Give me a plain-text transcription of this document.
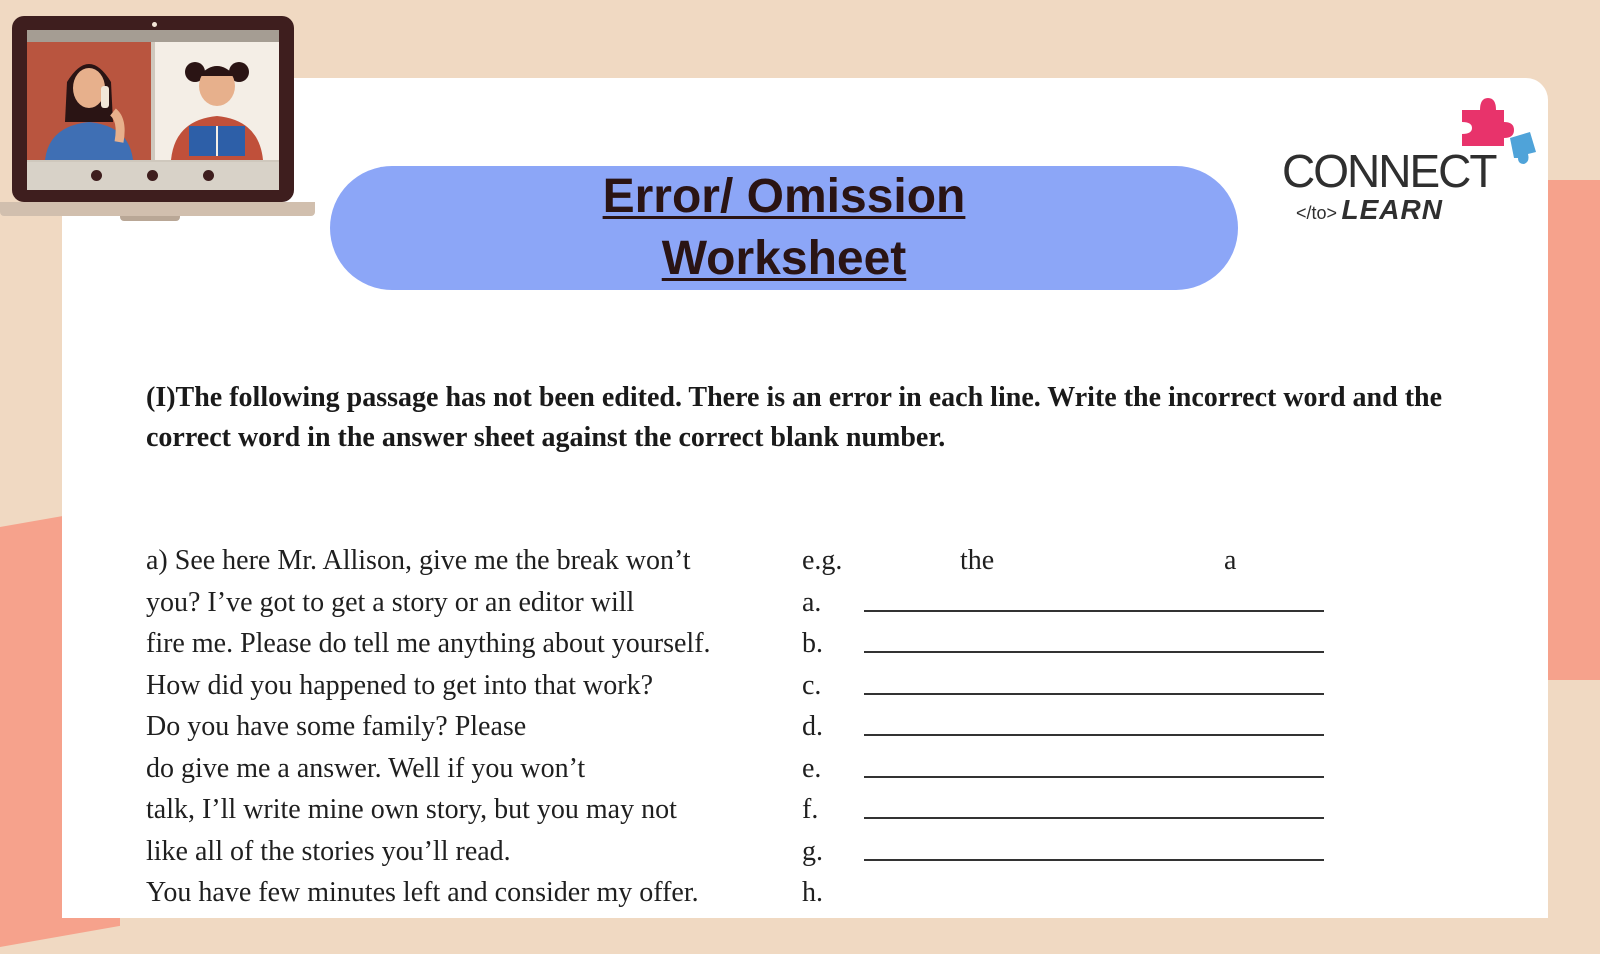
Error/ Omission
Worksheet
CONNECT
</to> LEARN
(I)The following passage has not been edited. There is an error in each line. Write the incorrect word and the correct word in the answer sheet against the correct blank number.
a) See here Mr. Allison, give me the break won’t
you? I’ve got to get a story or an editor will
fire me. Please do tell me anything about yourself.
How did you happened to get into that work?
Do you have some family? Please
do give me a answer. Well if you won’t
talk, I’ll write mine own story, but you may not
like all of the stories you’ll read.
You have few minutes left and consider my offer.
e.g.
a.
b.
c.
d.
e.
f.
g.
h.
the	a
